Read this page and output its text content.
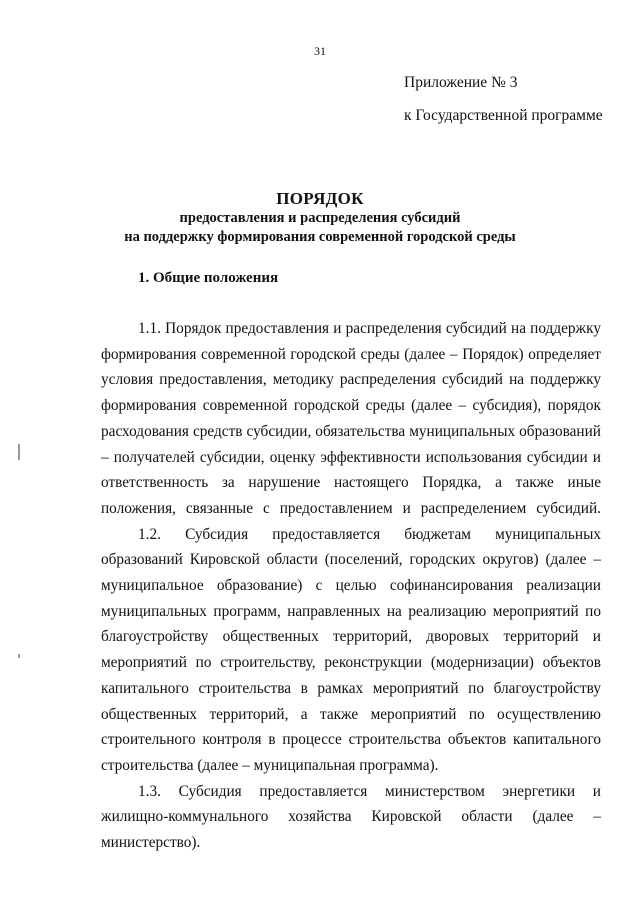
31
Приложение № 3
к Государственной программе
ПОРЯДОК
предоставления и распределения субсидий
на поддержку формирования современной городской среды
1. Общие положения

1.1. Порядок предоставления и распределения субсидий на поддержку формирования современной городской среды (далее – Порядок) определяет условия предоставления, методику распределения субсидий на поддержку формирования современной городской среды (далее – субсидия), порядок расходования средств субсидии, обязательства муниципальных образований – получателей субсидии, оценку эффективности использования субсидии и ответственность за нарушение настоящего Порядка, а также иные положения, связанные с предоставлением и распределением субсидий.

1.2. Субсидия предоставляется бюджетам муниципальных образований Кировской области (поселений, городских округов) (далее – муниципальное образование) с целью софинансирования реализации муниципальных программ, направленных на реализацию мероприятий по благоустройству общественных территорий, дворовых территорий и мероприятий по строительству, реконструкции (модернизации) объектов капитального строительства в рамках мероприятий по благоустройству общественных территорий, а также мероприятий по осуществлению строительного контроля в процессе строительства объектов капитального строительства (далее – муниципальная программа).

1.3. Субсидия предоставляется министерством энергетики и жилищно-коммунального хозяйства Кировской области (далее – министерство).
